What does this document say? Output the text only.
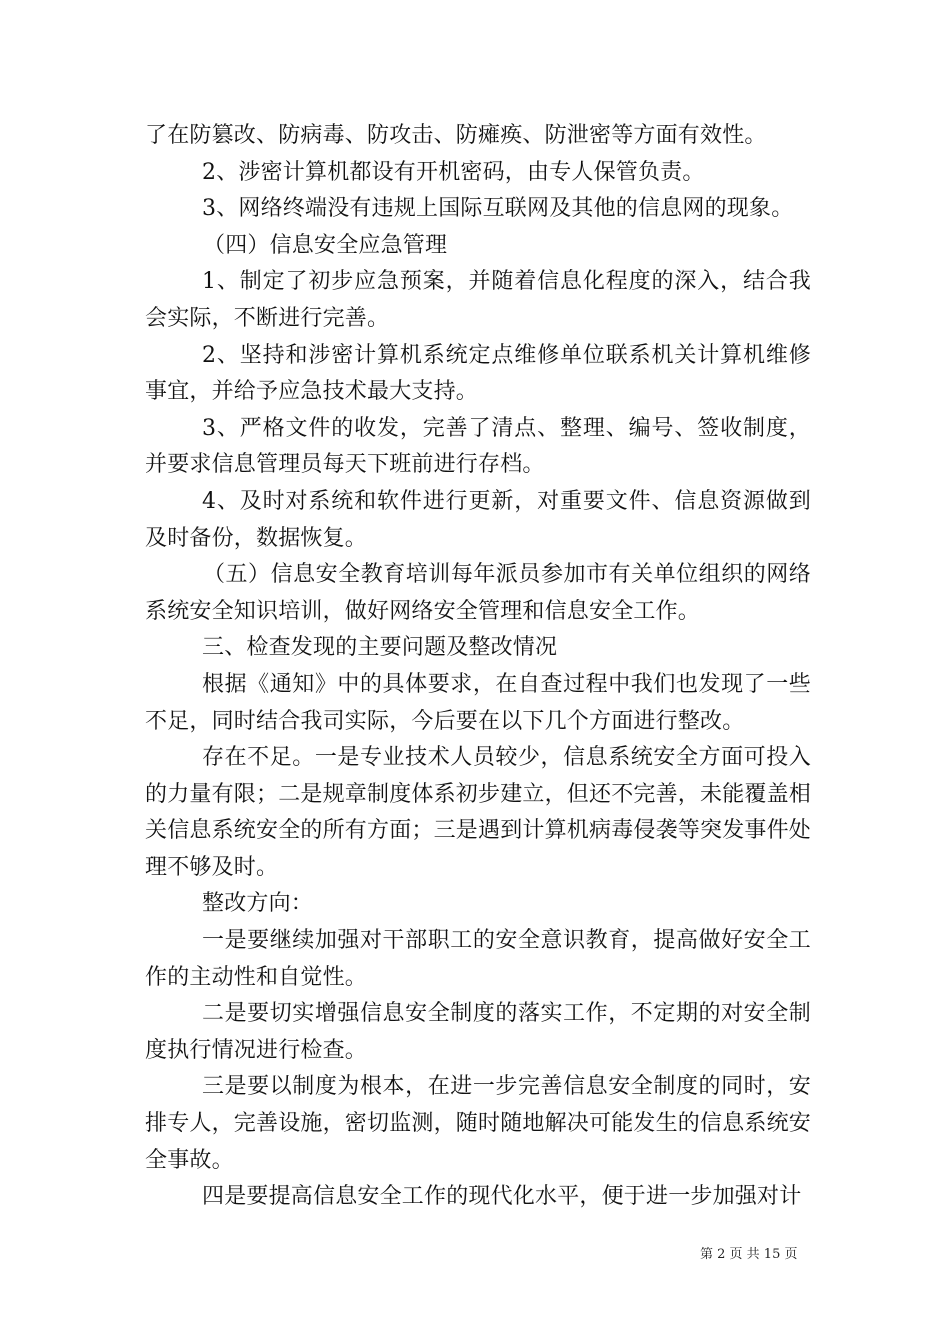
了在防篡改、防病毒、防攻击、防瘫痪、防泄密等方面有效性。

2、涉密计算机都设有开机密码，由专人保管负责。

3、网络终端没有违规上国际互联网及其他的信息网的现象。

（四）信息安全应急管理

1、制定了初步应急预案，并随着信息化程度的深入，结合我会实际，不断进行完善。

2、坚持和涉密计算机系统定点维修单位联系机关计算机维修事宜，并给予应急技术最大支持。

3、严格文件的收发，完善了清点、整理、编号、签收制度，并要求信息管理员每天下班前进行存档。

4、及时对系统和软件进行更新，对重要文件、信息资源做到及时备份，数据恢复。

（五）信息安全教育培训每年派员参加市有关单位组织的网络系统安全知识培训，做好网络安全管理和信息安全工作。

三、检查发现的主要问题及整改情况

根据《通知》中的具体要求，在自查过程中我们也发现了一些不足，同时结合我司实际，今后要在以下几个方面进行整改。

存在不足。一是专业技术人员较少，信息系统安全方面可投入的力量有限；二是规章制度体系初步建立，但还不完善，未能覆盖相关信息系统安全的所有方面；三是遇到计算机病毒侵袭等突发事件处理不够及时。

整改方向：

一是要继续加强对干部职工的安全意识教育，提高做好安全工作的主动性和自觉性。

二是要切实增强信息安全制度的落实工作，不定期的对安全制度执行情况进行检查。

三是要以制度为根本，在进一步完善信息安全制度的同时，安排专人，完善设施，密切监测，随时随地解决可能发生的信息系统安全事故。

四是要提高信息安全工作的现代化水平，便于进一步加强对计

第 2 页 共 15 页
